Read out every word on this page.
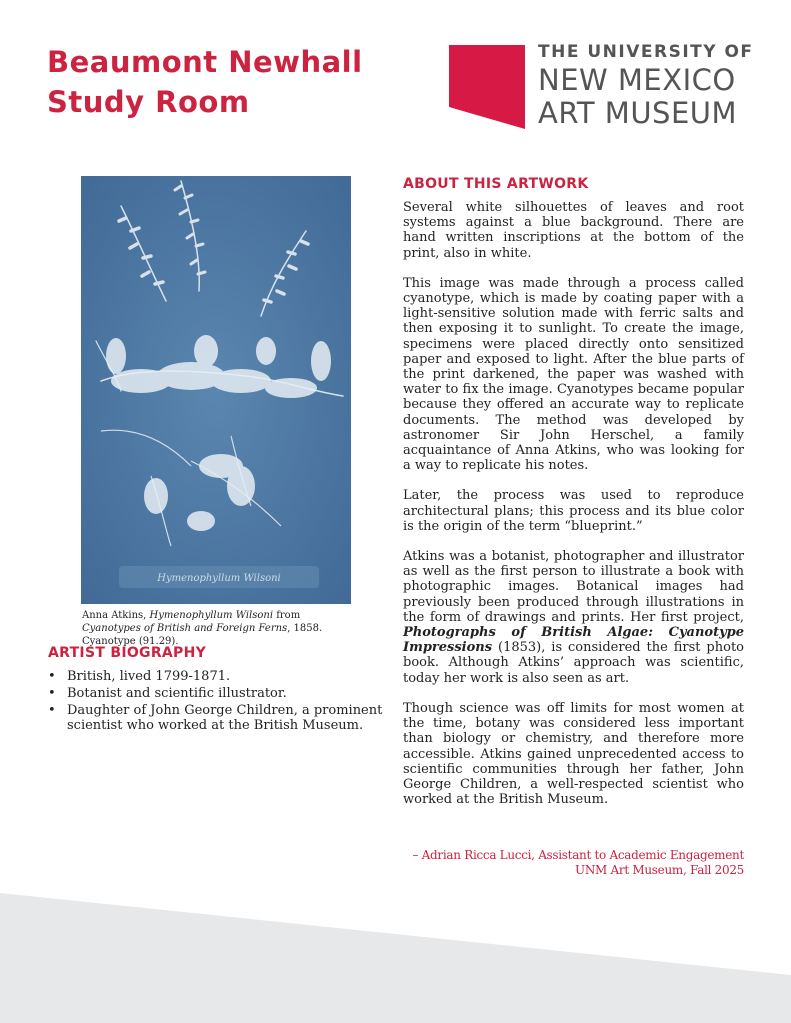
Beaumont Newhall
Study Room
THE UNIVERSITY OF
NEW MEXICO
ART MUSEUM
Hymenophyllum Wilsoni
Anna Atkins, Hymenophyllum Wilsoni from Cyanotypes of British and Foreign Ferns, 1858. Cyanotype (91.29).
ARTIST BIOGRAPHY
• British, lived 1799-1871.
• Botanist and scientific illustrator.
• Daughter of John George Children, a prominent scientist who worked at the British Museum.
ABOUT THIS ARTWORK

Several white silhouettes of leaves and root systems against a blue background. There are hand written inscriptions at the bottom of the print, also in white.

This image was made through a process called cyanotype, which is made by coating paper with a light-sensitive solution made with ferric salts and then exposing it to sunlight. To create the image, specimens were placed directly onto sensitized paper and exposed to light. After the blue parts of the print darkened, the paper was washed with water to fix the image. Cyanotypes became popular because they offered an accurate way to replicate documents. The method was developed by astronomer Sir John Herschel, a family acquaintance of Anna Atkins, who was looking for a way to replicate his notes.

Later, the process was used to reproduce architectural plans; this process and its blue color is the origin of the term “blueprint.”

Atkins was a botanist, photographer and illustrator as well as the first person to illustrate a book with photographic images. Botanical images had previously been produced through illustrations in the form of drawings and prints. Her first project, Photographs of British Algae: Cyanotype Impressions (1853), is considered the first photo book. Although Atkins’ approach was scientific, today her work is also seen as art.

Though science was off limits for most women at the time, botany was considered less important than biology or chemistry, and therefore more accessible. Atkins gained unprecedented access to scientific communities through her father, John George Children, a well-respected scientist who worked at the British Museum.

– Adrian Ricca Lucci, Assistant to Academic Engagement
UNM Art Museum, Fall 2025
